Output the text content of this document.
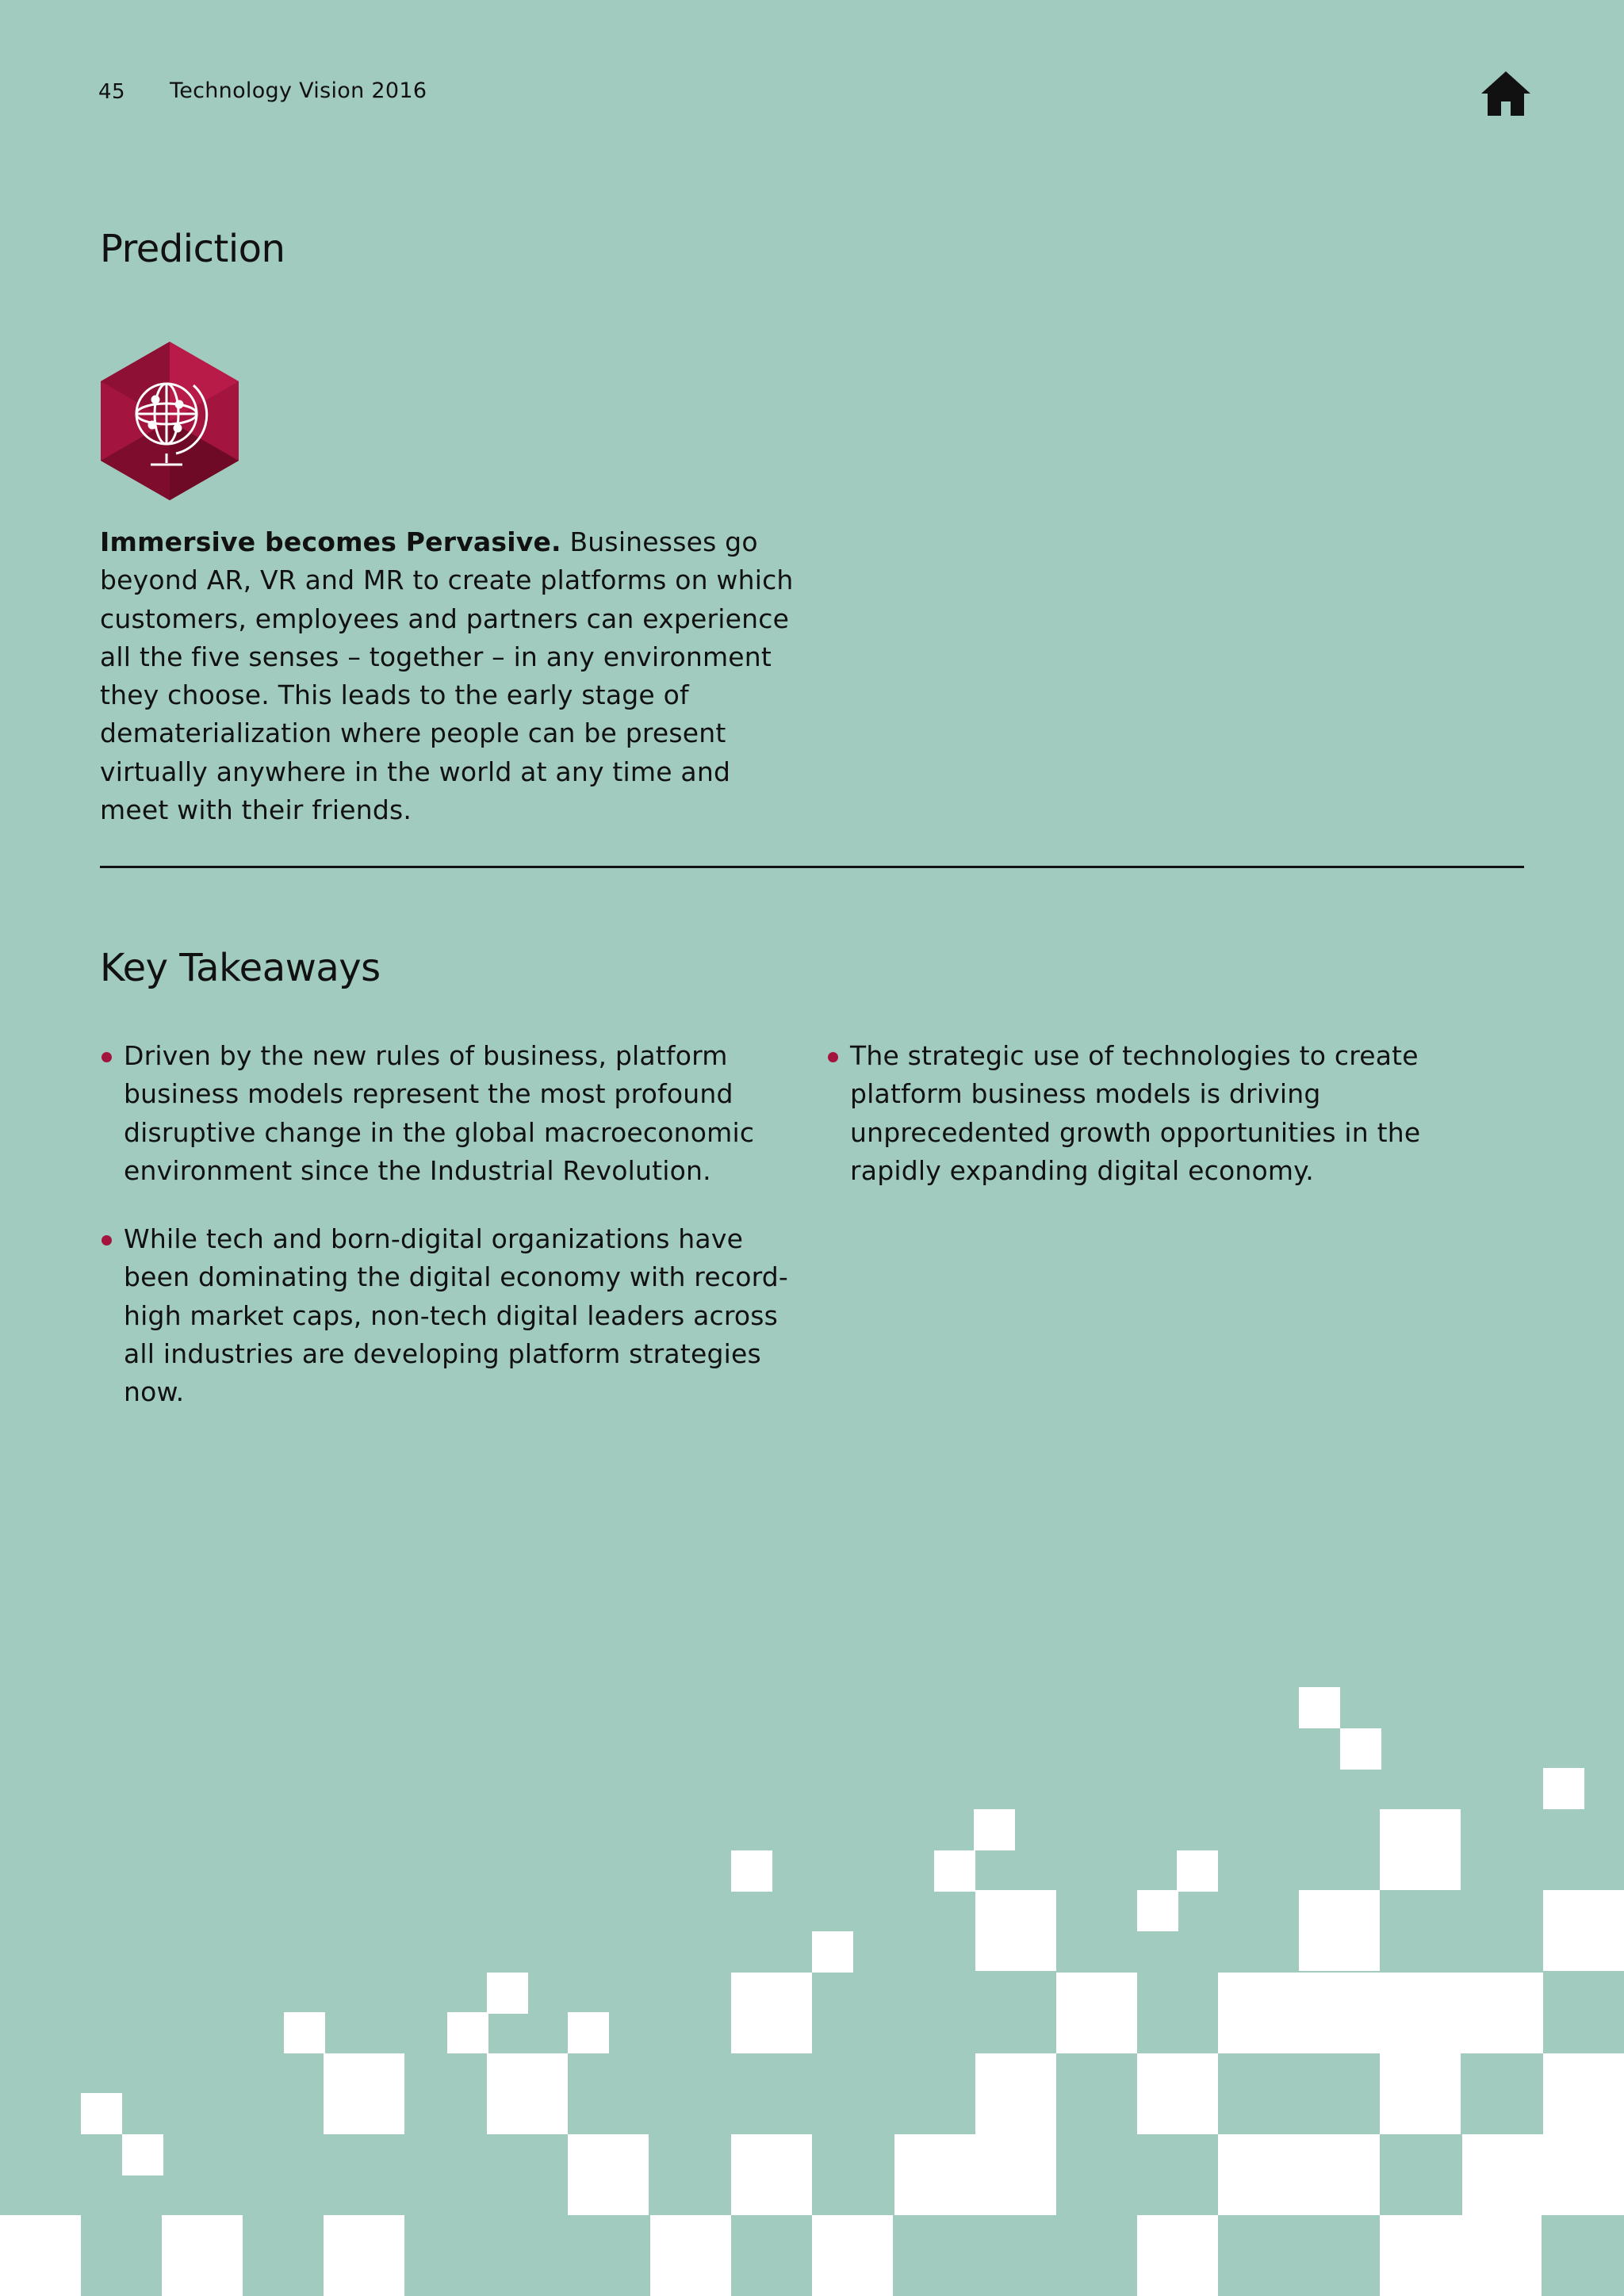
45 Technology Vision 2016
Prediction

Immersive becomes Pervasive. Businesses go beyond AR, VR and MR to create platforms on which customers, employees and partners can experience all the five senses – together – in any environment they choose. This leads to the early stage of dematerialization where people can be present virtually anywhere in the world at any time and meet with their friends.

Key Takeaways
Driven by the new rules of business, platform business models represent the most profound disruptive change in the global macroeconomic environment since the Industrial Revolution.
While tech and born-digital organizations have been dominating the digital economy with record-high market caps, non-tech digital leaders across all industries are developing platform strategies now.
The strategic use of technologies to create platform business models is driving unprecedented growth opportunities in the rapidly expanding digital economy.
